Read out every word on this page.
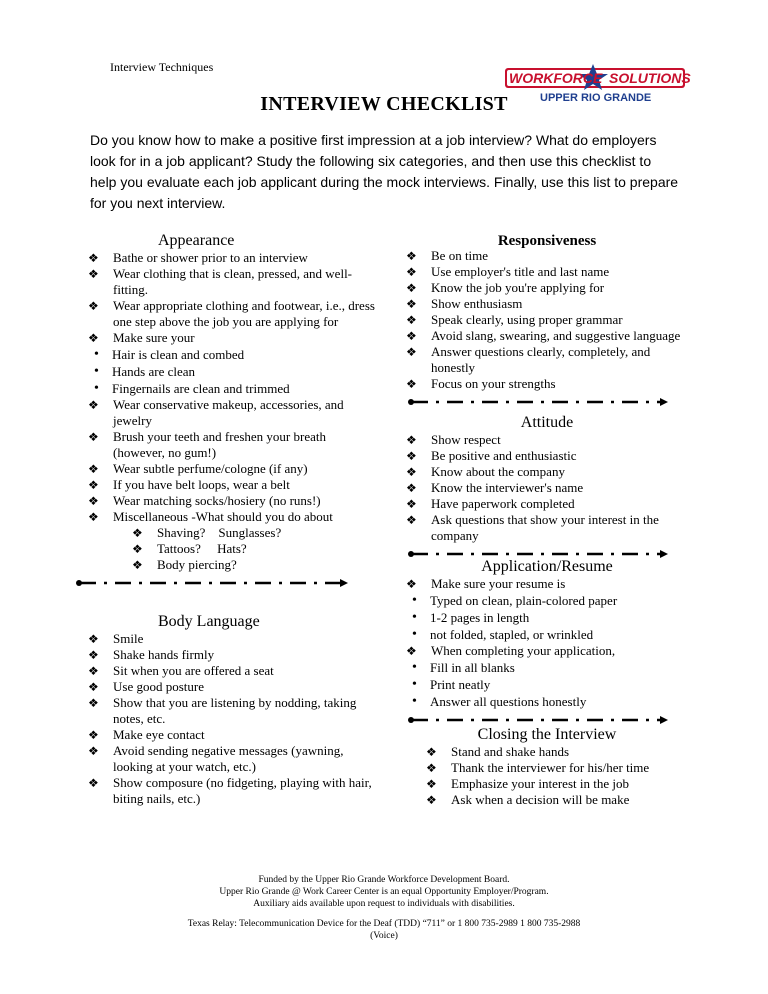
Interview Techniques
WORKFORCE SOLUTIONS
UPPER RIO GRANDE
INTERVIEW CHECKLIST
Do you know how to make a positive first impression at a job interview? What do employers look for in a job applicant? Study the following six categories, and then use this checklist to help you evaluate each job applicant during the mock interviews. Finally, use this list to prepare for you next interview.

Appearance

❖ Bathe or shower prior to an interview
❖ Wear clothing that is clean, pressed, and well-fitting.
❖ Wear appropriate clothing and footwear, i.e., dress one step above the job you are applying for
❖ Make sure your
• Hair is clean and combed
• Hands are clean
• Fingernails are clean and trimmed
❖ Wear conservative makeup, accessories, and jewelry
❖ Brush your teeth and freshen your breath (however, no gum!)
❖ Wear subtle perfume/cologne (if any)
❖ If you have belt loops, wear a belt
❖ Wear matching socks/hosiery (no runs!)
❖ Miscellaneous -What should you do about
❖ Shaving?    Sunglasses?
❖ Tattoos?     Hats?
❖ Body piercing?

Body Language

❖ Smile
❖ Shake hands firmly
❖ Sit when you are offered a seat
❖ Use good posture
❖ Show that you are listening by nodding, taking notes, etc.
❖ Make eye contact
❖ Avoid sending negative messages (yawning, looking at your watch, etc.)
❖ Show composure (no fidgeting, playing with hair, biting nails, etc.)

Responsiveness

❖ Be on time
❖ Use employer's title and last name
❖ Know the job you're applying for
❖ Show enthusiasm
❖ Speak clearly, using proper grammar
❖ Avoid slang, swearing, and suggestive language
❖ Answer questions clearly, completely, and honestly
❖ Focus on your strengths

Attitude

❖ Show respect
❖ Be positive and enthusiastic
❖ Know about the company
❖ Know the interviewer's name
❖ Have paperwork completed
❖ Ask questions that show your interest in the company

Application/Resume

❖ Make sure your resume is
• Typed on clean, plain-colored paper
• 1-2 pages in length
• not folded, stapled, or wrinkled
❖ When completing your application,
• Fill in all blanks
• Print neatly
• Answer all questions honestly

Closing the Interview

❖ Stand and shake hands
❖ Thank the interviewer for his/her time
❖ Emphasize your interest in the job
❖ Ask when a decision will be make
Funded by the Upper Rio Grande Workforce Development Board.
Upper Rio Grande @ Work Career Center is an equal Opportunity Employer/Program.
Auxiliary aids available upon request to individuals with disabilities.
Texas Relay: Telecommunication Device for the Deaf (TDD) “711” or 1 800 735-2989 1 800 735-2988
(Voice)
